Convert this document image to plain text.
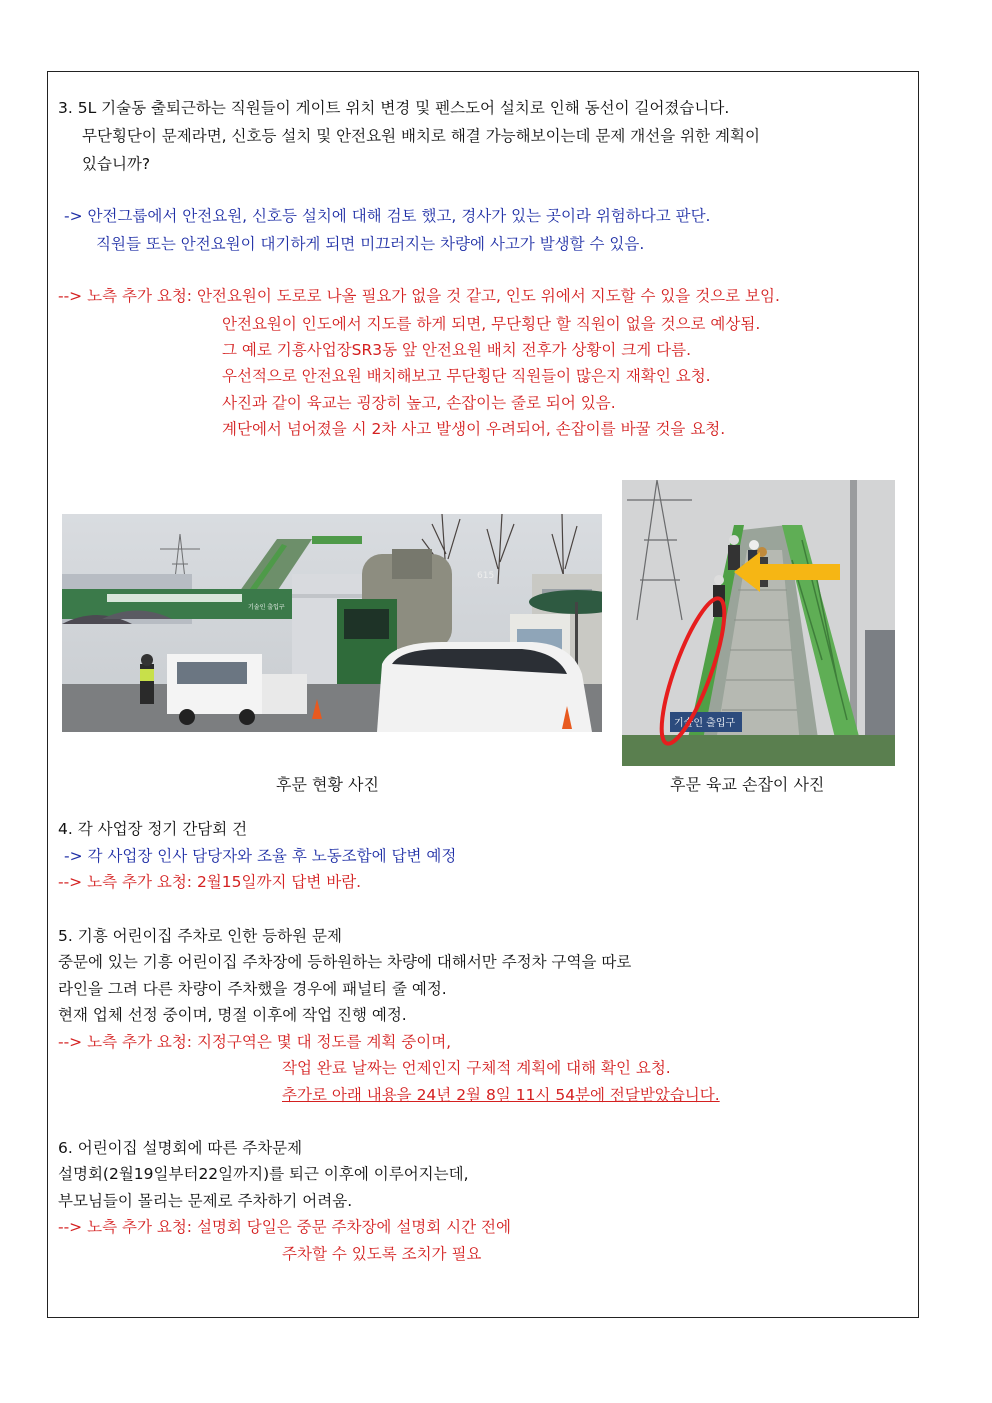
3. 5L 기술동 출퇴근하는 직원들이 게이트 위치 변경 및 펜스도어 설치로 인해 동선이 길어졌습니다.
무단횡단이 문제라면, 신호등 설치 및 안전요원 배치로 해결 가능해보이는데 문제 개선을 위한 계획이
있습니까?
-> 안전그룹에서 안전요원, 신호등 설치에 대해 검토 했고, 경사가 있는 곳이라 위험하다고 판단.
직원들 또는 안전요원이 대기하게 되면 미끄러지는 차량에 사고가 발생할 수 있음.
--> 노측 추가 요청: 안전요원이 도로로 나올 필요가 없을 것 같고, 인도 위에서 지도할 수 있을 것으로 보임.
안전요원이 인도에서 지도를 하게 되면, 무단횡단 할 직원이 없을 것으로 예상됨.
그 예로 기흥사업장SR3동 앞 안전요원 배치 전후가 상황이 크게 다름.
우선적으로 안전요원 배치해보고 무단횡단 직원들이 많은지 재확인 요청.
사진과 같이 육교는 굉장히 높고, 손잡이는 줄로 되어 있음.
계단에서 넘어졌을 시 2차 사고 발생이 우려되어, 손잡이를 바꿀 것을 요청.
615
기술인 출입구
기술인 출입구
후문 현황 사진	후문 육교 손잡이 사진
4. 각 사업장 정기 간담회 건
-> 각 사업장 인사 담당자와 조율 후 노동조합에 답변 예정
--> 노측 추가 요청: 2월15일까지 답변 바람.
5. 기흥 어린이집 주차로 인한 등하원 문제
중문에 있는 기흥 어린이집 주차장에 등하원하는 차량에 대해서만 주정차 구역을 따로
라인을 그려 다른 차량이 주차했을 경우에 패널티 줄 예정.
현재 업체 선정 중이며, 명절 이후에 작업 진행 예정.
--> 노측 추가 요청: 지정구역은 몇 대 정도를 계획 중이며,
작업 완료 날짜는 언제인지 구체적 계획에 대해 확인 요청.
추가로 아래 내용을 24년 2월 8일 11시 54분에 전달받았습니다.
6. 어린이집 설명회에 따른 주차문제
설명회(2월19일부터22일까지)를 퇴근 이후에 이루어지는데,
부모님들이 몰리는 문제로 주차하기 어려움.
--> 노측 추가 요청: 설명회 당일은 중문 주차장에 설명회 시간 전에
주차할 수 있도록 조치가 필요
